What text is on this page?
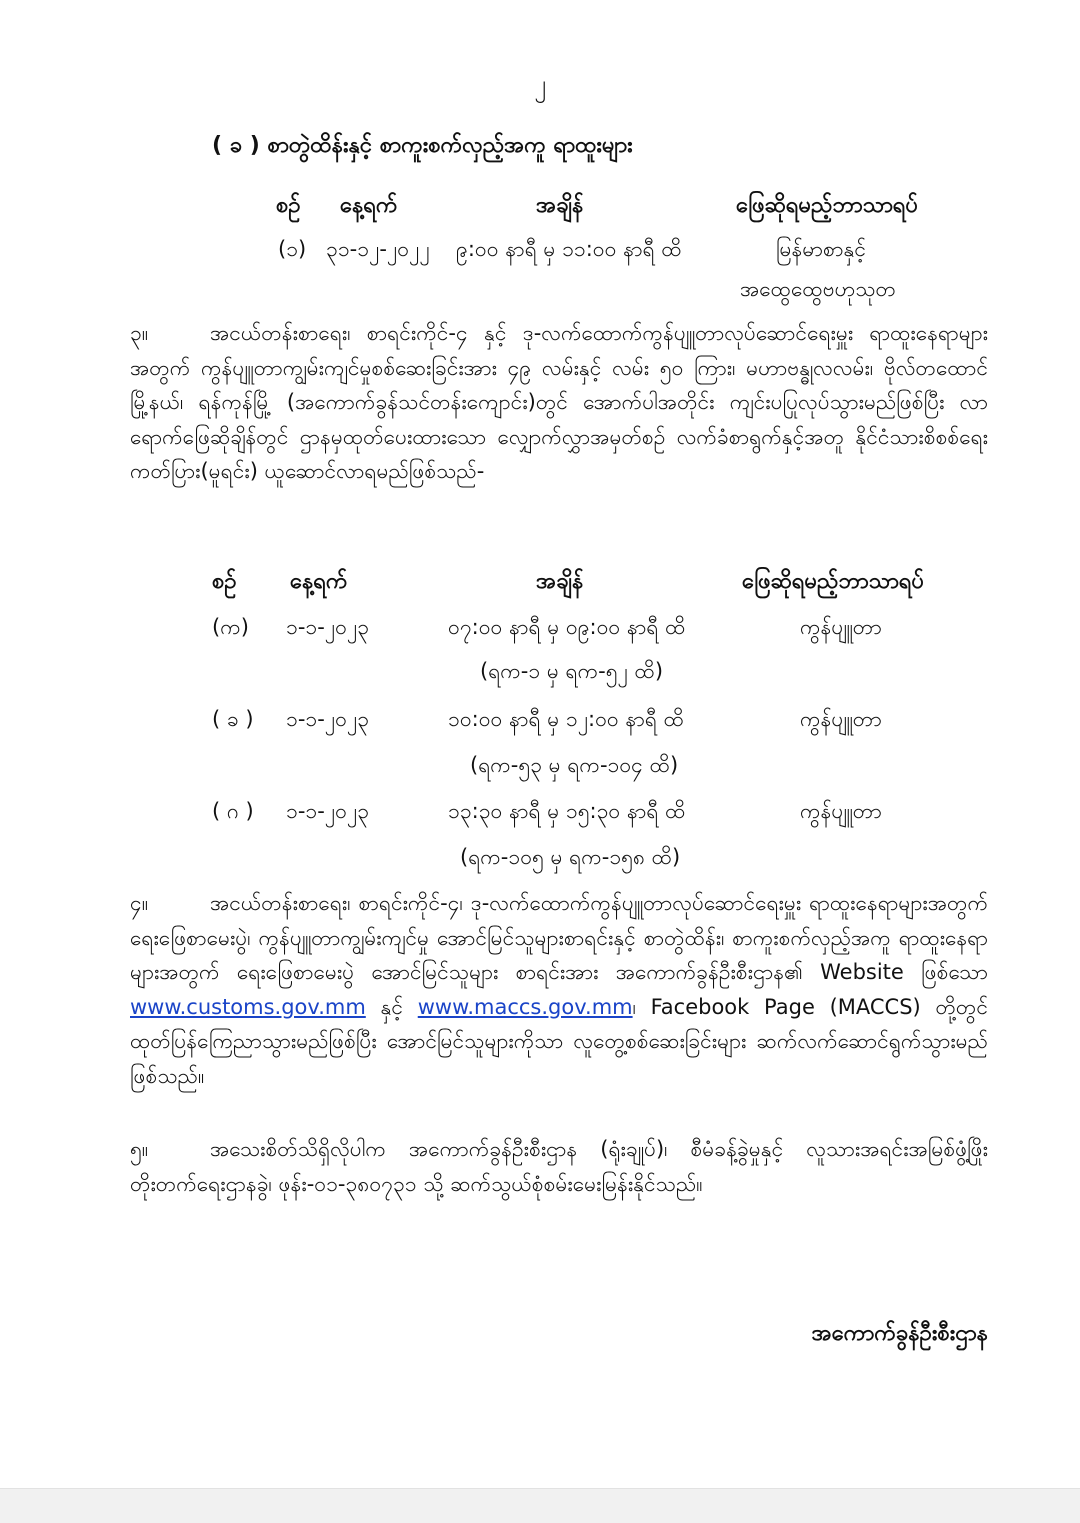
၂
( ခ ) စာတွဲထိန်းနှင့် စာကူးစက်လှည့်အကူ ရာထူးများ
စဉ် နေ့ရက်	အချိန်	ဖြေဆိုရမည့်ဘာသာရပ်
(၁) ၃၁-၁၂-၂၀၂၂ ၉:၀၀ နာရီ မှ ၁၁:၀၀ နာရီ ထိ	မြန်မာစာနှင့်
အထွေထွေဗဟုသုတ
၃။	အငယ်တန်းစာရေး၊ စာရင်းကိုင်-၄ နှင့် ဒု-လက်ထောက်ကွန်ပျူတာလုပ်ဆောင်ရေးမှူး ရာထူးနေရာများအတွက် ကွန်ပျူတာကျွမ်းကျင်မှုစစ်ဆေးခြင်းအား ၄၉ လမ်းနှင့် လမ်း ၅၀ ကြား၊ မဟာဗန္ဓုလလမ်း၊ ဗိုလ်တထောင်မြို့နယ်၊ ရန်ကုန်မြို့ (အကောက်ခွန်သင်တန်းကျောင်း)တွင် အောက်ပါအတိုင်း ကျင်းပပြုလုပ်သွားမည်ဖြစ်ပြီး လာရောက်ဖြေဆိုချိန်တွင် ဌာနမှထုတ်ပေးထားသော လျှောက်လွှာအမှတ်စဉ် လက်ခံစာရွက်နှင့်အတူ နိုင်ငံသားစိစစ်ရေးကတ်ပြား(မူရင်း) ယူဆောင်လာရမည်ဖြစ်သည်-
စဉ် နေ့ရက်	အချိန်	ဖြေဆိုရမည့်ဘာသာရပ်
(က) ၁-၁-၂၀၂၃	၀၇:၀၀ နာရီ မှ ၀၉:၀၀ နာရီ ထိ	ကွန်ပျူတာ
(ရက-၁ မှ ရက-၅၂ ထိ)
( ခ ) ၁-၁-၂၀၂၃	၁၀:၀၀ နာရီ မှ ၁၂:၀၀ နာရီ ထိ	ကွန်ပျူတာ
(ရက-၅၃ မှ ရက-၁၀၄ ထိ)
( ဂ ) ၁-၁-၂၀၂၃	၁၃:၃၀ နာရီ မှ ၁၅:၃၀ နာရီ ထိ	ကွန်ပျူတာ
(ရက-၁၀၅ မှ ရက-၁၅၈ ထိ)
၄။	အငယ်တန်းစာရေး၊ စာရင်းကိုင်-၄၊ ဒု-လက်ထောက်ကွန်ပျူတာလုပ်ဆောင်ရေးမှူး ရာထူးနေရာများအတွက် ရေးဖြေစာမေးပွဲ၊ ကွန်ပျူတာကျွမ်းကျင်မှု အောင်မြင်သူများစာရင်းနှင့် စာတွဲထိန်း၊ စာကူးစက်လှည့်အကူ ရာထူးနေရာများအတွက် ရေးဖြေစာမေးပွဲ အောင်မြင်သူများ စာရင်းအား အကောက်ခွန်ဦးစီးဌာန၏ Website ဖြစ်သော www.customs.gov.mm နှင့် www.maccs.gov.mm၊ Facebook Page (MACCS) တို့တွင် ထုတ်ပြန်ကြေညာသွားမည်ဖြစ်ပြီး အောင်မြင်သူများကိုသာ လူတွေ့စစ်ဆေးခြင်းများ ဆက်လက်ဆောင်ရွက်သွားမည်ဖြစ်သည်။
၅။	အသေးစိတ်သိရှိလိုပါက အကောက်ခွန်ဦးစီးဌာန (ရုံးချုပ်)၊ စီမံခန့်ခွဲမှုနှင့် လူသားအရင်းအမြစ်ဖွံ့ဖြိုးတိုးတက်ရေးဌာနခွဲ၊ ဖုန်း-၀၁-၃၈၀၇၃၁ သို့ ဆက်သွယ်စုံစမ်းမေးမြန်းနိုင်သည်။
အကောက်ခွန်ဦးစီးဌာန
